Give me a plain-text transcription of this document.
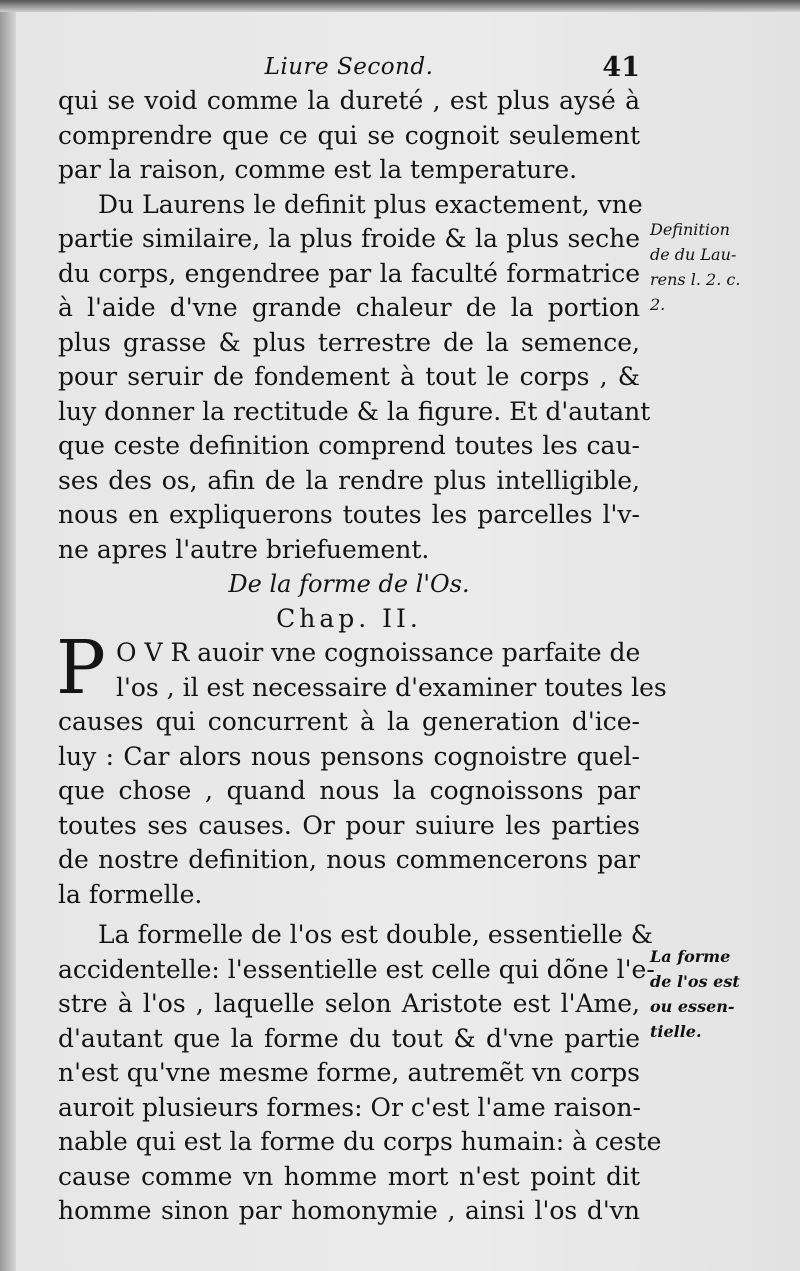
Liure Second.	41
qui se void comme la dureté , est plus aysé à
comprendre que ce qui se cognoit seulement
par la raison, comme est la temperature.
Du Laurens le definit plus exactement, vne
partie similaire, la plus froide & la plus seche
du corps, engendree par la faculté formatrice
à l'aide d'vne grande chaleur de la portion
plus grasse & plus terrestre de la semence,
pour seruir de fondement à tout le corps , &
luy donner la rectitude & la figure. Et d'autant
que ceste definition comprend toutes les cau-
ses des os, afin de la rendre plus intelligible,
nous en expliquerons toutes les parcelles l'v-
ne apres l'autre briefuement.
De la forme de l'Os.
Chap. II.
P O V R auoir vne cognoissance parfaite de
l'os , il est necessaire d'examiner toutes les
causes qui concurrent à la generation d'ice-
luy : Car alors nous pensons cognoistre quel-
que chose , quand nous la cognoissons par
toutes ses causes. Or pour suiure les parties
de nostre definition, nous commencerons par
la formelle.
La formelle de l'os est double, essentielle &
accidentelle: l'essentielle est celle qui dõne l'e-
stre à l'os , laquelle selon Aristote est l'Ame,
d'autant que la forme du tout & d'vne partie
n'est qu'vne mesme forme, autremẽt vn corps
auroit plusieurs formes: Or c'est l'ame raison-
nable qui est la forme du corps humain: à ceste
cause comme vn homme mort n'est point dit
homme sinon par homonymie , ainsi l'os d'vn
Definition
de du Lau-
rens l. 2. c.
2.
La forme
de l'os est
ou essen-
tielle.
